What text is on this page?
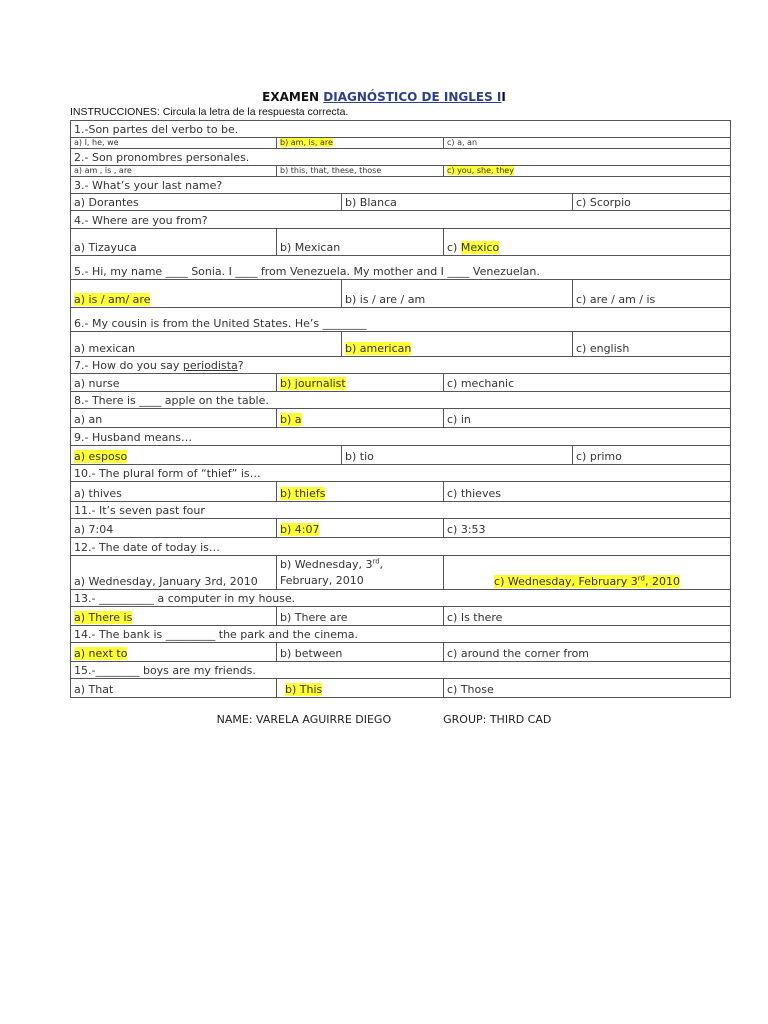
EXAMEN DIAGNÓSTICO DE INGLES II
INSTRUCCIONES: Circula la letra de la respuesta correcta.
1.-Son partes del verbo to be.				
a) I, he, we	b) am, is, are		c) a, an	
2.- Son pronombres personales.				
a) am , is , are	b) this, that, these, those		c) you, she, they	
3.- What’s your last name?				
a) Dorantes		b) Blanca		c) Scorpio
4.- Where are you from?				
a) Tizayuca	b) Mexican		c) Mexico	
5.- Hi, my name ____ Sonia. I ____ from Venezuela. My mother and I ____ Venezuelan.				
a) is / am/ are		b) is / are / am		c) are / am / is
6.- My cousin is from the United States. He’s ________				
a) mexican		b) american		c) english
7.- How do you say periodista?				
a) nurse	b) journalist		c) mechanic	
8.- There is ____ apple on the table.				
a) an	b) a		c) in	
9.- Husband means…				
a) esposo		b) tio		c) primo
10.- The plural form of “thief” is…				
a) thives	b) thiefs		c) thieves	
11.- It’s seven past four				
a) 7:04	b) 4:07		c) 3:53	
12.- The date of today is…				
a) Wednesday, January 3rd, 2010	b) Wednesday, 3rd,
February, 2010		c) Wednesday, February 3rd, 2010	
13.- __________ a computer in my house.				
a) There is	b) There are		c) Is there	
14.- The bank is _________ the park and the cinema.				
a) next to	b) between		c) around the corner from	
15.-________ boys are my friends.				
a) That	b) This		c) Those	
NAME: VARELA AGUIRRE DIEGO	GROUP: THIRD CAD
